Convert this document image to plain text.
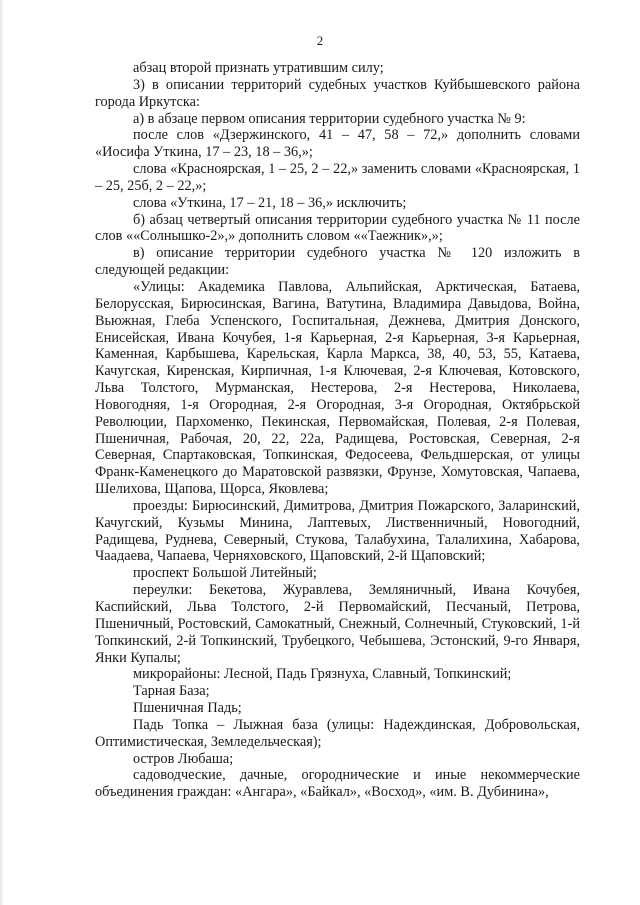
2

абзац второй признать утратившим силу;

3) в описании территорий судебных участков Куйбышевского района города Иркутска:

а) в абзаце первом описания территории судебного участка № 9:

после слов «Дзержинского, 41 – 47, 58 – 72,» дополнить словами «Иосифа Уткина, 17 – 23, 18 – 36,»;

слова «Красноярская, 1 – 25, 2 – 22,» заменить словами «Красноярская, 1 – 25, 25б, 2 – 22,»;

слова «Уткина, 17 – 21, 18 – 36,» исключить;

б) абзац четвертый описания территории судебного участка № 11 после слов ««Солнышко-2»,» дополнить словом ««Таежник»,»;

в) описание территории судебного участка № 120 изложить в следующей редакции:

«Улицы: Академика Павлова, Альпийская, Арктическая, Батаева, Белорусская, Бирюсинская, Вагина, Ватутина, Владимира Давыдова, Война, Вьюжная, Глеба Успенского, Госпитальная, Дежнева, Дмитрия Донского, Енисейская, Ивана Кочубея, 1-я Карьерная, 2-я Карьерная, 3-я Карьерная, Каменная, Карбышева, Карельская, Карла Маркса, 38, 40, 53, 55, Катаева, Качугская, Киренская, Кирпичная, 1-я Ключевая, 2-я Ключевая, Котовского, Льва Толстого, Мурманская, Нестерова, 2-я Нестерова, Николаева, Новогодняя, 1-я Огородная, 2-я Огородная, 3-я Огородная, Октябрьской Революции, Пархоменко, Пекинская, Первомайская, Полевая, 2-я Полевая, Пшеничная, Рабочая, 20, 22, 22а, Радищева, Ростовская, Северная, 2-я Северная, Спартаковская, Топкинская, Федосеева, Фельдшерская, от улицы Франк-Каменецкого до Маратовской развязки, Фрунзе, Хомутовская, Чапаева, Шелихова, Щапова, Щорса, Яковлева;

проезды: Бирюсинский, Димитрова, Дмитрия Пожарского, Заларинский, Качугский, Кузьмы Минина, Лаптевых, Лиственничный, Новогодний, Радищева, Руднева, Северный, Стукова, Талабухина, Талалихина, Хабарова, Чаадаева, Чапаева, Черняховского, Щаповский, 2-й Щаповский;

проспект Большой Литейный;

переулки: Бекетова, Журавлева, Земляничный, Ивана Кочубея, Каспийский, Льва Толстого, 2-й Первомайский, Песчаный, Петрова, Пшеничный, Ростовский, Самокатный, Снежный, Солнечный, Стуковский, 1-й Топкинский, 2-й Топкинский, Трубецкого, Чебышева, Эстонский, 9-го Января, Янки Купалы;

микрорайоны: Лесной, Падь Грязнуха, Славный, Топкинский;

Тарная База;

Пшеничная Падь;

Падь Топка – Лыжная база (улицы: Надеждинская, Добровольская, Оптимистическая, Земледельческая);

остров Любаша;

садоводческие, дачные, огороднические и иные некоммерческие объединения граждан: «Ангара», «Байкал», «Восход», «им. В. Дубинина»,
